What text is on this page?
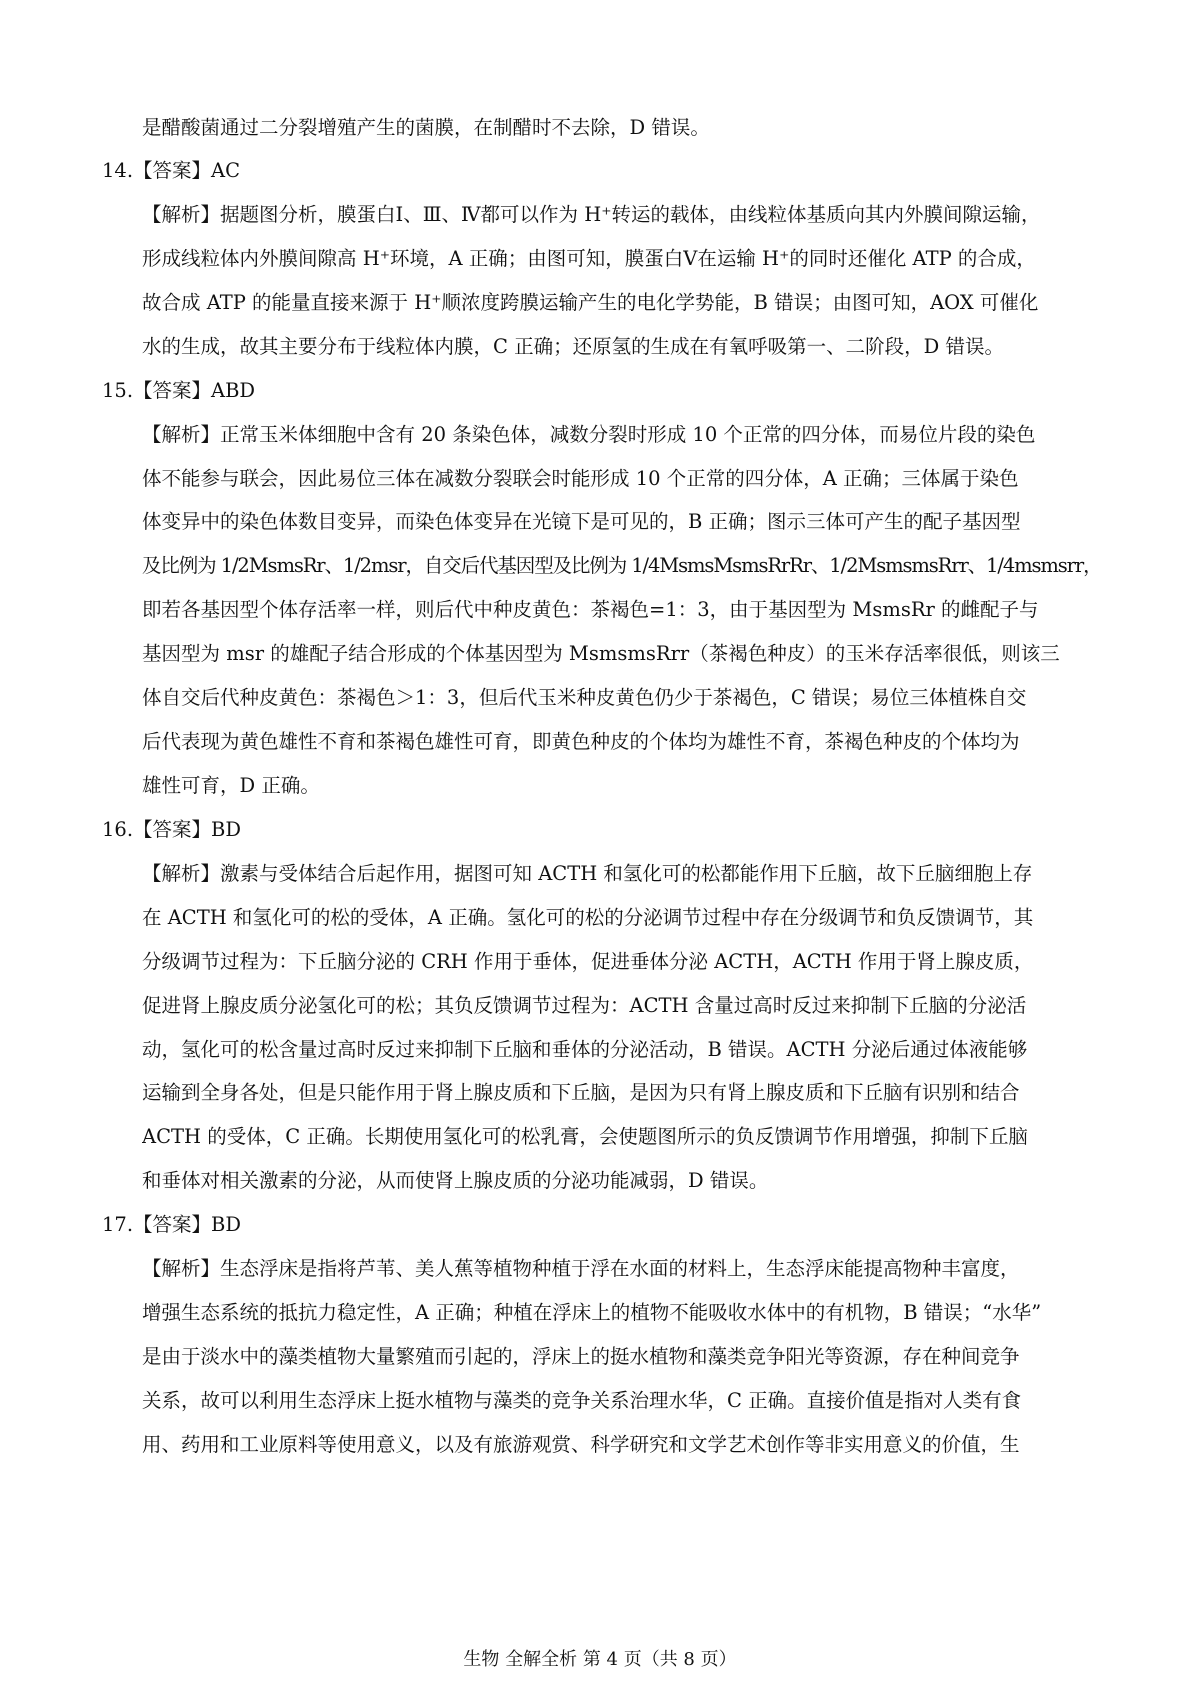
是醋酸菌通过二分裂增殖产生的菌膜，在制醋时不去除，D 错误。
14.【答案】AC
【解析】据题图分析，膜蛋白Ⅰ、Ⅲ、Ⅳ都可以作为 H⁺转运的载体，由线粒体基质向其内外膜间隙运输，
形成线粒体内外膜间隙高 H⁺环境，A 正确；由图可知，膜蛋白Ⅴ在运输 H⁺的同时还催化 ATP 的合成，
故合成 ATP 的能量直接来源于 H⁺顺浓度跨膜运输产生的电化学势能，B 错误；由图可知，AOX 可催化
水的生成，故其主要分布于线粒体内膜，C 正确；还原氢的生成在有氧呼吸第一、二阶段，D 错误。
15.【答案】ABD
【解析】正常玉米体细胞中含有 20 条染色体，减数分裂时形成 10 个正常的四分体，而易位片段的染色
体不能参与联会，因此易位三体在减数分裂联会时能形成 10 个正常的四分体，A 正确；三体属于染色
体变异中的染色体数目变异，而染色体变异在光镜下是可见的，B 正确；图示三体可产生的配子基因型
及比例为 1/2MsmsRr、1/2msr，自交后代基因型及比例为 1/4MsmsMsmsRrRr、1/2MsmsmsRrr、1/4msmsrr，
即若各基因型个体存活率一样，则后代中种皮黄色：茶褐色=1：3，由于基因型为 MsmsRr 的雌配子与
基因型为 msr 的雄配子结合形成的个体基因型为 MsmsmsRrr（茶褐色种皮）的玉米存活率很低，则该三
体自交后代种皮黄色：茶褐色＞1：3，但后代玉米种皮黄色仍少于茶褐色，C 错误；易位三体植株自交
后代表现为黄色雄性不育和茶褐色雄性可育，即黄色种皮的个体均为雄性不育，茶褐色种皮的个体均为
雄性可育，D 正确。
16.【答案】BD
【解析】激素与受体结合后起作用，据图可知 ACTH 和氢化可的松都能作用下丘脑，故下丘脑细胞上存
在 ACTH 和氢化可的松的受体，A 正确。氢化可的松的分泌调节过程中存在分级调节和负反馈调节，其
分级调节过程为：下丘脑分泌的 CRH 作用于垂体，促进垂体分泌 ACTH，ACTH 作用于肾上腺皮质，
促进肾上腺皮质分泌氢化可的松；其负反馈调节过程为：ACTH 含量过高时反过来抑制下丘脑的分泌活
动，氢化可的松含量过高时反过来抑制下丘脑和垂体的分泌活动，B 错误。ACTH 分泌后通过体液能够
运输到全身各处，但是只能作用于肾上腺皮质和下丘脑，是因为只有肾上腺皮质和下丘脑有识别和结合
ACTH 的受体，C 正确。长期使用氢化可的松乳膏，会使题图所示的负反馈调节作用增强，抑制下丘脑
和垂体对相关激素的分泌，从而使肾上腺皮质的分泌功能减弱，D 错误。
17.【答案】BD
【解析】生态浮床是指将芦苇、美人蕉等植物种植于浮在水面的材料上，生态浮床能提高物种丰富度，
增强生态系统的抵抗力稳定性，A 正确；种植在浮床上的植物不能吸收水体中的有机物，B 错误；“水华”
是由于淡水中的藻类植物大量繁殖而引起的，浮床上的挺水植物和藻类竞争阳光等资源，存在种间竞争
关系，故可以利用生态浮床上挺水植物与藻类的竞争关系治理水华，C 正确。直接价值是指对人类有食
用、药用和工业原料等使用意义，以及有旅游观赏、科学研究和文学艺术创作等非实用意义的价值，生
生物 全解全析 第 4 页（共 8 页）
